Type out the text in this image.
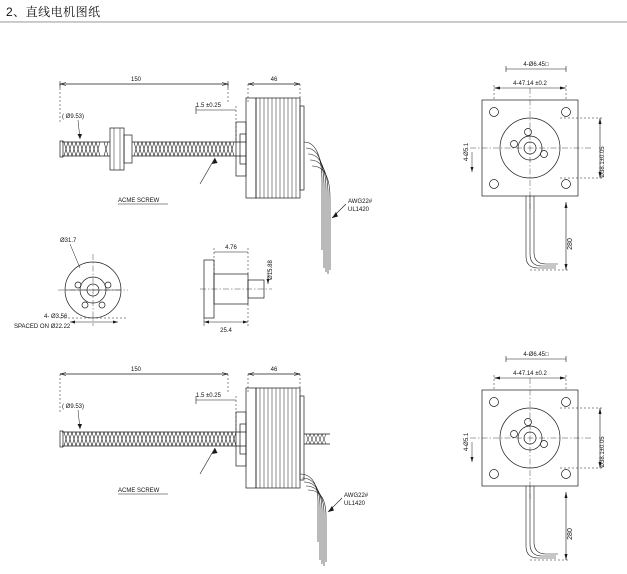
2、直线电机图纸
150	46
1.5 ±0.25
( Ø9.53)
ACME SCREW	AWG22#
UL1420
4-Ø6.45□
4-47.14 ±0.2
Ø38.1±0.05
4-Ø5.1
280
Ø31.7
4- Ø3.56
SPACED ON Ø22.22
4.76
Ø15.88
25.4
150	46
1.5 ±0.25
( Ø9.53)
ACME SCREW
AWG22#
UL1420
4-Ø6.45□
4-47.14 ±0.2
Ø38.1±0.05
4-Ø5.1
280
